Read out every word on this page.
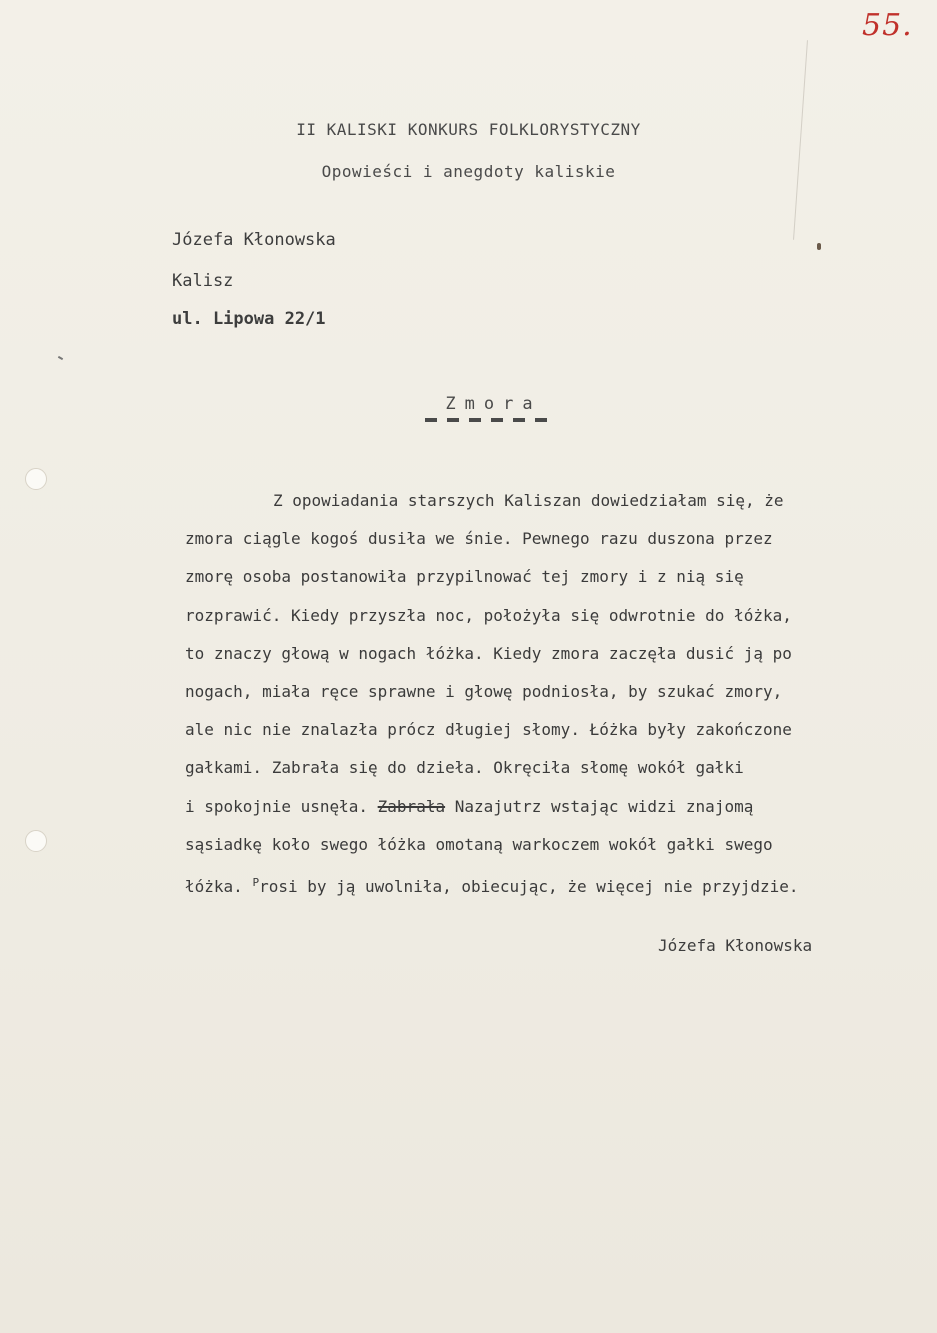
55.
II KALISKI KONKURS FOLKLORYSTYCZNY
Opowieści i anegdoty kaliskie
Józefa Kłonowska
Kalisz
ul. Lipowa 22/1
Zmora
Z opowiadania starszych Kaliszan dowiedziałam się, że
zmora ciągle kogoś dusiła we śnie. Pewnego razu duszona przez
zmorę osoba postanowiła przypilnować tej zmory i z nią się
rozprawić. Kiedy przyszła noc, położyła się odwrotnie do łóżka,
to znaczy głową w nogach łóżka. Kiedy zmora zaczęła dusić ją po
nogach, miała ręce sprawne i głowę podniosła, by szukać zmory,
ale nic nie znalazła prócz długiej słomy. Łóżka były zakończone
gałkami. Zabrała się do dzieła. Okręciła słomę wokół gałki
i spokojnie usnęła. Zabrała Nazajutrz wstając widzi znajomą
sąsiadkę koło swego łóżka omotaną warkoczem wokół gałki swego
łóżka. $^P$rosi by ją uwolniła, obiecując, że więcej nie przyjdzie.
Józefa Kłonowska
